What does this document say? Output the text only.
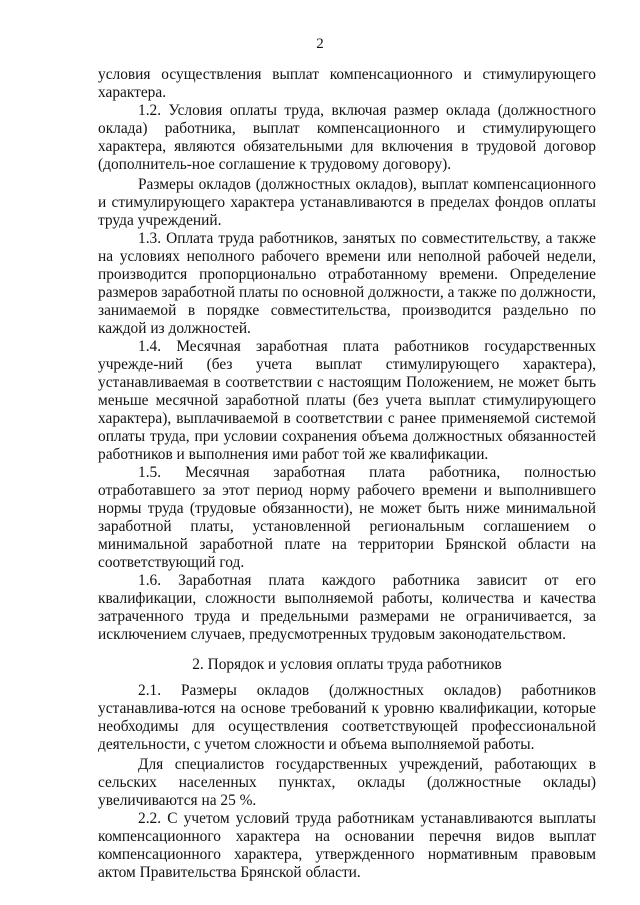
2

условия осуществления выплат компенсационного и стимулирующего характера.

1.2. Условия оплаты труда, включая размер оклада (должностного оклада) работника, выплат компенсационного и стимулирующего характера, являются обязательными для включения в трудовой договор (дополнитель-ное соглашение к трудовому договору).

Размеры окладов (должностных окладов), выплат компенсационного и стимулирующего характера устанавливаются в пределах фондов оплаты труда учреждений.

1.3. Оплата труда работников, занятых по совместительству, а также на условиях неполного рабочего времени или неполной рабочей недели, производится пропорционально отработанному времени. Определение размеров заработной платы по основной должности, а также по должности, занимаемой в порядке совместительства, производится раздельно по каждой из должностей.

1.4. Месячная заработная плата работников государственных учрежде-ний (без учета выплат стимулирующего характера), устанавливаемая в соответствии с настоящим Положением, не может быть меньше месячной заработной платы (без учета выплат стимулирующего характера), выплачиваемой в соответствии с ранее применяемой системой оплаты труда, при условии сохранения объема должностных обязанностей работников и выполнения ими работ той же квалификации.

1.5. Месячная заработная плата работника, полностью отработавшего за этот период норму рабочего времени и выполнившего нормы труда (трудовые обязанности), не может быть ниже минимальной заработной платы, установленной региональным соглашением о минимальной заработной плате на территории Брянской области на соответствующий год.

1.6. Заработная плата каждого работника зависит от его квалификации, сложности выполняемой работы, количества и качества затраченного труда и предельными размерами не ограничивается, за исключением случаев, предусмотренных трудовым законодательством.

2. Порядок и условия оплаты труда работников

2.1. Размеры окладов (должностных окладов) работников устанавлива-ются на основе требований к уровню квалификации, которые необходимы для осуществления соответствующей профессиональной деятельности, с учетом сложности и объема выполняемой работы.

Для специалистов государственных учреждений, работающих в сельских населенных пунктах, оклады (должностные оклады) увеличиваются на 25 %.

2.2. С учетом условий труда работникам устанавливаются выплаты компенсационного характера на основании перечня видов выплат компенсационного характера, утвержденного нормативным правовым актом Правительства Брянской области.
